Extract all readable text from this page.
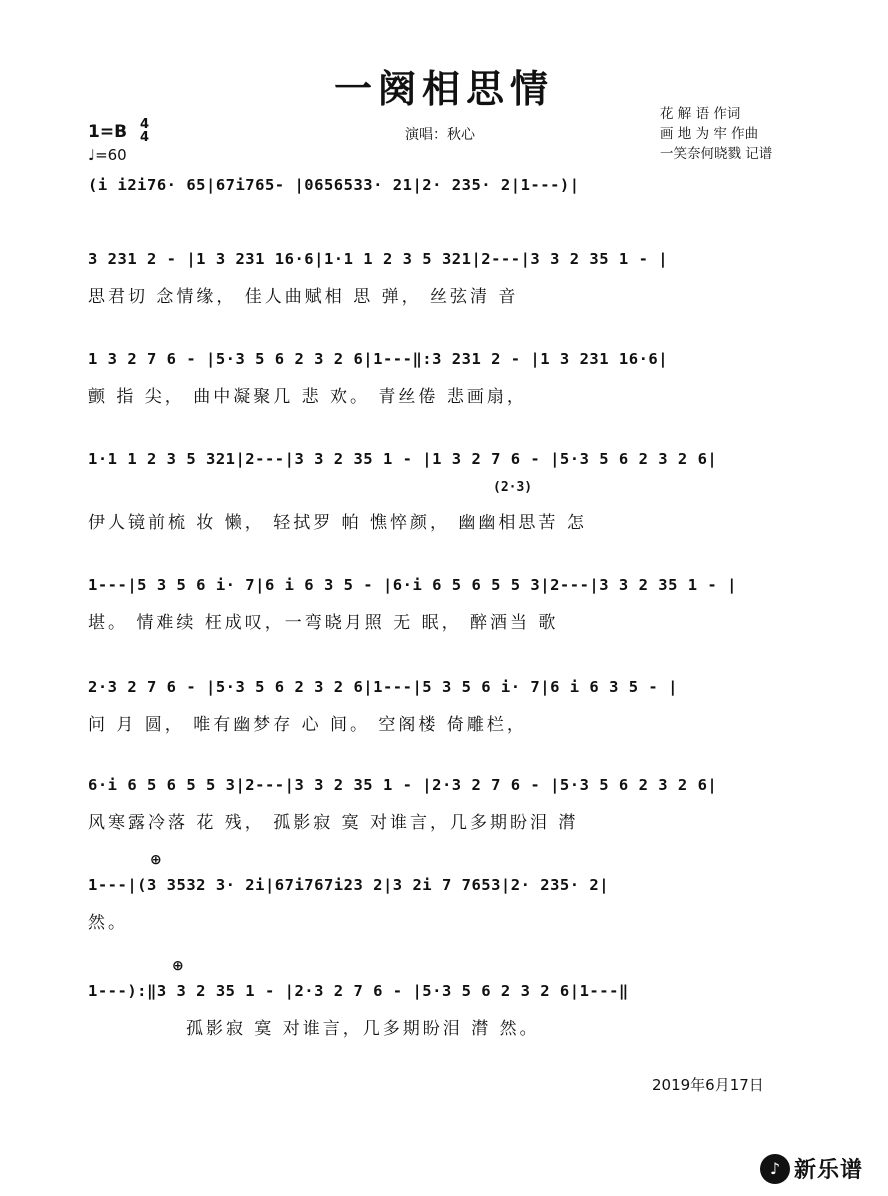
一阕相思情
1=B 4
4
♩=60
演唱：秋心
花 解 语 作词
画 地 为 牢 作曲
一笑奈何晓戮 记谱
(i i2i76· 65|67i765- |0656533· 21|2· 235· 2|1---)|
3 231 2 - |1 3 231 16·6|1·1 1 2 3 5 321|2---|3 3 2 35 1 - |
思君切 念情缘， 佳人曲赋相 思 弹， 丝弦清 音
1 3 2 7 6 - |5·3 5 6 2 3 2 6|1---‖:3 231 2 - |1 3 231 16·6|
颤 指 尖， 曲中凝聚几 悲 欢。 青丝倦 悲画扇，
1·1 1 2 3 5 321|2---|3 3 2 35 1 - |1 3 2 7 6 - |5·3 5 6 2 3 2 6|
(2·3)
伊人镜前梳 妆 懒， 轻拭罗 帕 憔悴颜， 幽幽相思苦 怎
1---|5 3 5 6 i· 7|6 i 6 3 5 - |6·i 6 5 6 5 5 3|2---|3 3 2 35 1 - |
堪。 情难续 枉成叹，一弯晓月照 无 眠， 醉酒当 歌
2·3 2 7 6 - |5·3 5 6 2 3 2 6|1---|5 3 5 6 i· 7|6 i 6 3 5 - |
问 月 圆， 唯有幽梦存 心 间。 空阁楼 倚雕栏，
6·i 6 5 6 5 5 3|2---|3 3 2 35 1 - |2·3 2 7 6 - |5·3 5 6 2 3 2 6|
风寒露冷落 花 残， 孤影寂 寞 对谁言，几多期盼泪 潸
⊕
1---|(3 3532 3· 2i|67i767i23 2|3 2i 7 7653|2· 235· 2|
然。
⊕
1---):‖3 3 2 35 1 - |2·3 2 7 6 - |5·3 5 6 2 3 2 6|1---‖
孤影寂 寞 对谁言，几多期盼泪 潸 然。
2019年6月17日
♪ 新乐谱
